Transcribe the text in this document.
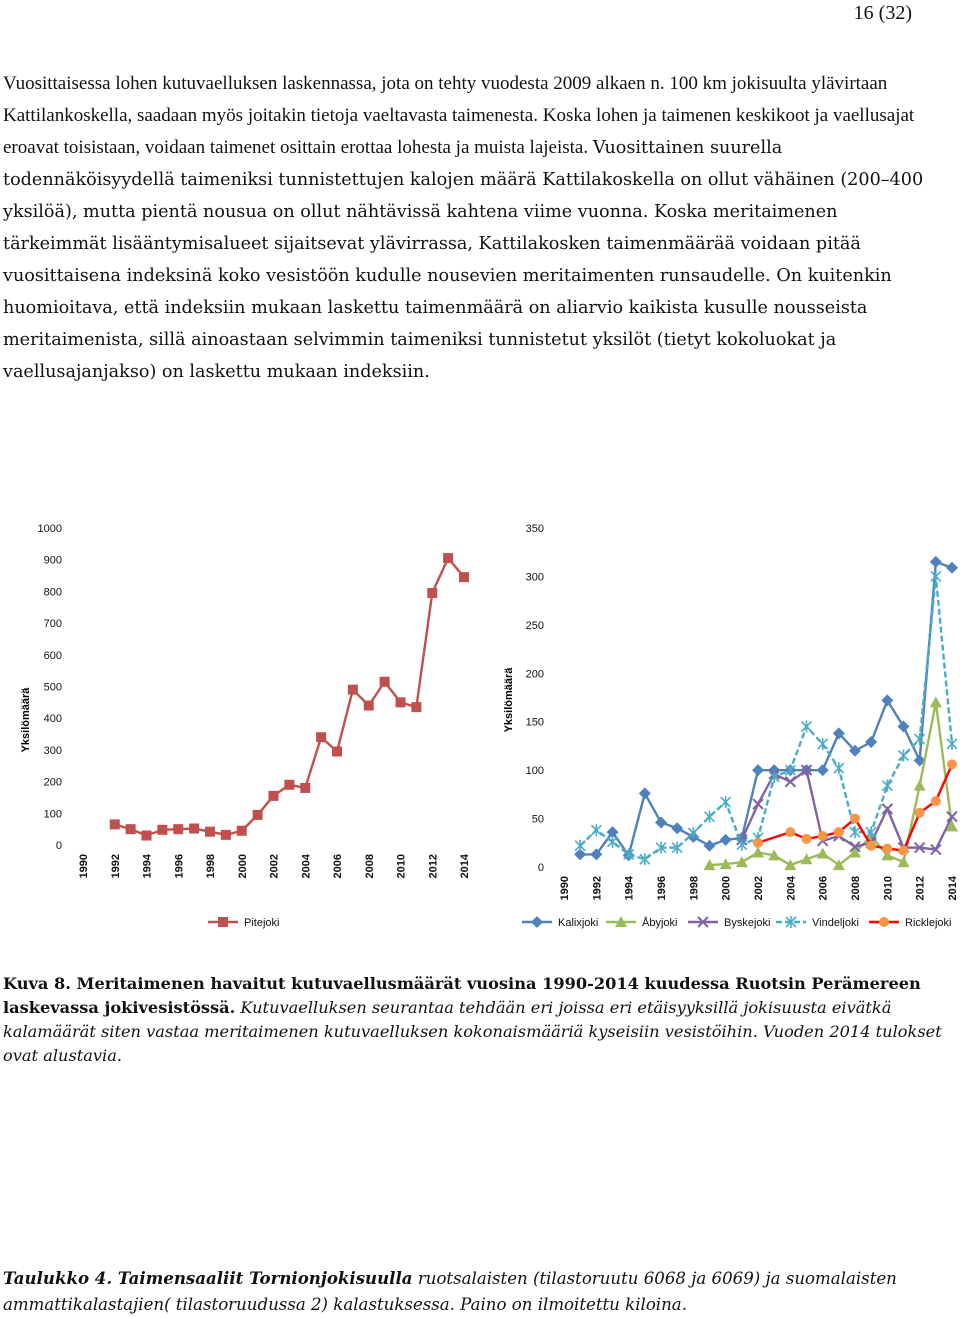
16 (32)

Vuosittaisessa lohen kutuvaelluksen laskennassa, jota on tehty vuodesta 2009 alkaen n. 100 km jokisuulta ylävirtaan Kattilankoskella, saadaan myös joitakin tietoja vaeltavasta taimenesta. Koska lohen ja taimenen keskikoot ja vaellusajat eroavat toisistaan, voidaan taimenet osittain erottaa lohesta ja muista lajeista. Vuosittainen suurella todennäköisyydellä taimeniksi tunnistettujen kalojen määrä Kattilakoskella on ollut vähäinen (200–400 yksilöä), mutta pientä nousua on ollut nähtävissä kahtena viime vuonna. Koska meritaimenen tärkeimmät lisääntymisalueet sijaitsevat ylävirrassa, Kattilakosken taimenmäärää voidaan pitää vuosittaisena indeksinä koko vesistöön kudulle nousevien meritaimenten runsaudelle. On kuitenkin huomioitava, että indeksiin mukaan laskettu taimenmäärä on aliarvio kaikista kusulle nousseista meritaimenista, sillä ainoastaan selvimmin taimeniksi tunnistetut yksilöt (tietyt kokoluokat ja vaellusajanjakso) on laskettu mukaan indeksiin.

Yksilömäärä
0
100
200
300
400
500
600
700
800
900
1000
1990 1992 1994 1996 1998 2000 2002 2004 2006 2008 2010 2012 2014
Pitejoki
Yksilömäärä
0
50
100
150
200
250
300
350
1990 1992 1994 1996 1998 2000 2002 2004 2006 2008 2010 2012 2014
Kalixjoki	Åbyjoki	Byskejoki	Vindeljoki	Ricklejoki

Kuva 8. Meritaimenen havaitut kutuvaellusmäärät vuosina 1990-2014 kuudessa Ruotsin Perämereen laskevassa jokivesistössä. Kutuvaelluksen seurantaa tehdään eri joissa eri etäisyyksillä jokisuusta eivätkä kalamäärät siten vastaa meritaimenen kutuvaelluksen kokonaismääriä kyseisiin vesistöihin. Vuoden 2014 tulokset ovat alustavia.

Taulukko 4. Taimensaaliit Tornionjokisuulla ruotsalaisten (tilastoruutu 6068 ja 6069) ja suomalaisten ammattikalastajien( tilastoruudussa 2) kalastuksessa. Paino on ilmoitettu kiloina.
